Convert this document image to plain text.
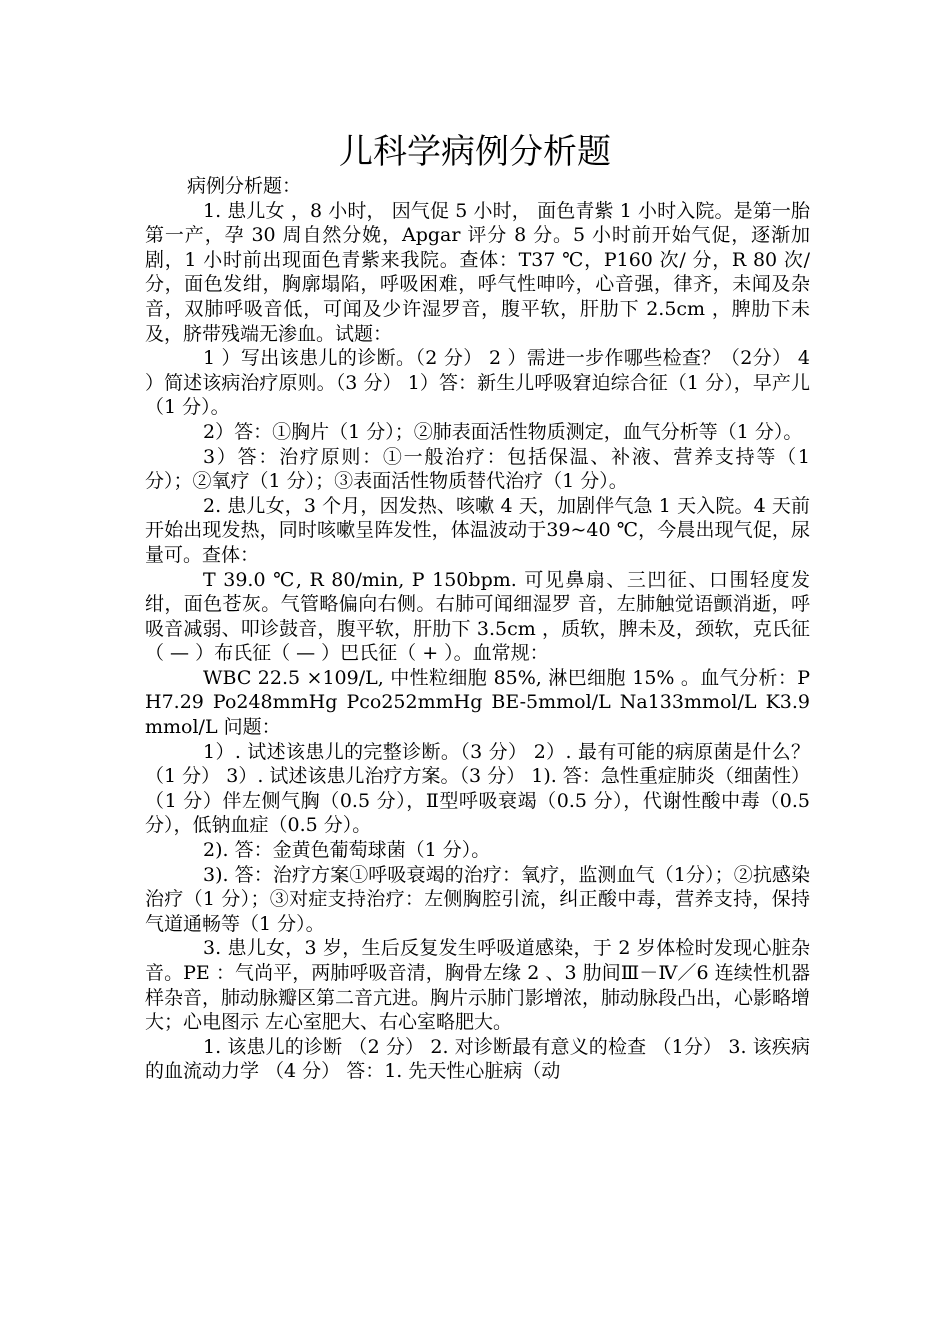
儿科学病例分析题

病例分析题：

1. 患儿女 ，8 小时， 因气促 5 小时， 面色青紫 1 小时入院。是第一胎第一产，孕 30 周自然分娩，Apgar 评分 8 分。5 小时前开始气促，逐渐加剧，1 小时前出现面色青紫来我院。查体：T37 ℃，P160 次/ 分，R 80 次/ 分，面色发绀，胸廓塌陷，呼吸困难，呼气性呻吟，心音强，律齐，未闻及杂音，双肺呼吸音低，可闻及少许湿罗音，腹平软，肝肋下 2.5cm ，脾肋下未及，脐带残端无渗血。试题：

1 ）写出该患儿的诊断。（2 分） 2 ）需进一步作哪些检查？（2分） 4 ）简述该病治疗原则。（3 分） 1）答：新生儿呼吸窘迫综合征（1 分），早产儿（1 分）。

2）答：①胸片（1 分）；②肺表面活性物质测定，血气分析等（1 分）。

3）答：治疗原则：①一般治疗：包括保温、补液、营养支持等（1 分）；②氧疗（1 分）；③表面活性物质替代治疗（1 分）。

2. 患儿女，3 个月，因发热、咳嗽 4 天，加剧伴气急 1 天入院。4 天前开始出现发热，同时咳嗽呈阵发性，体温波动于39~40 ℃，今晨出现气促，尿量可。查体：

T 39.0 ℃, R 80/min, P 150bpm. 可见鼻扇、三凹征、口围轻度发绀，面色苍灰。气管略偏向右侧。右肺可闻细湿罗 音，左肺触觉语颤消逝，呼吸音减弱、叩诊鼓音，腹平软，肝肋下 3.5cm ，质软，脾未及，颈软，克氏征（ — ）布氏征（ — ）巴氏征（ + ）。血常规：

WBC 22.5 ×109/L, 中性粒细胞 85%, 淋巴细胞 15% 。血气分析：PH7.29 Po248mmHg Pco252mmHg BE-5mmol/L Na133mmol/L K3.9mmol/L 问题：

1）. 试述该患儿的完整诊断。（3 分） 2）. 最有可能的病原菌是什么？（1 分） 3）. 试述该患儿治疗方案。（3 分） 1). 答：急性重症肺炎（细菌性）（1 分）伴左侧气胸（0.5 分），Ⅱ型呼吸衰竭（0.5 分），代谢性酸中毒（0.5 分），低钠血症（0.5 分）。

2). 答：金黄色葡萄球菌（1 分）。

3). 答：治疗方案①呼吸衰竭的治疗：氧疗，监测血气（1分）；②抗感染治疗（1 分）；③对症支持治疗：左侧胸腔引流，纠正酸中毒，营养支持，保持气道通畅等（1 分）。

3. 患儿女，3 岁，生后反复发生呼吸道感染，于 2 岁体检时发现心脏杂音。PE ：气尚平，两肺呼吸音清，胸骨左缘 2 、3 肋间Ⅲ－Ⅳ／6 连续性机器样杂音，肺动脉瓣区第二音亢进。胸片示肺门影增浓，肺动脉段凸出，心影略增大；心电图示 左心室肥大、右心室略肥大。

1. 该患儿的诊断 （2 分） 2. 对诊断最有意义的检查 （1分） 3. 该疾病的血流动力学 （4 分） 答：1. 先天性心脏病（动
